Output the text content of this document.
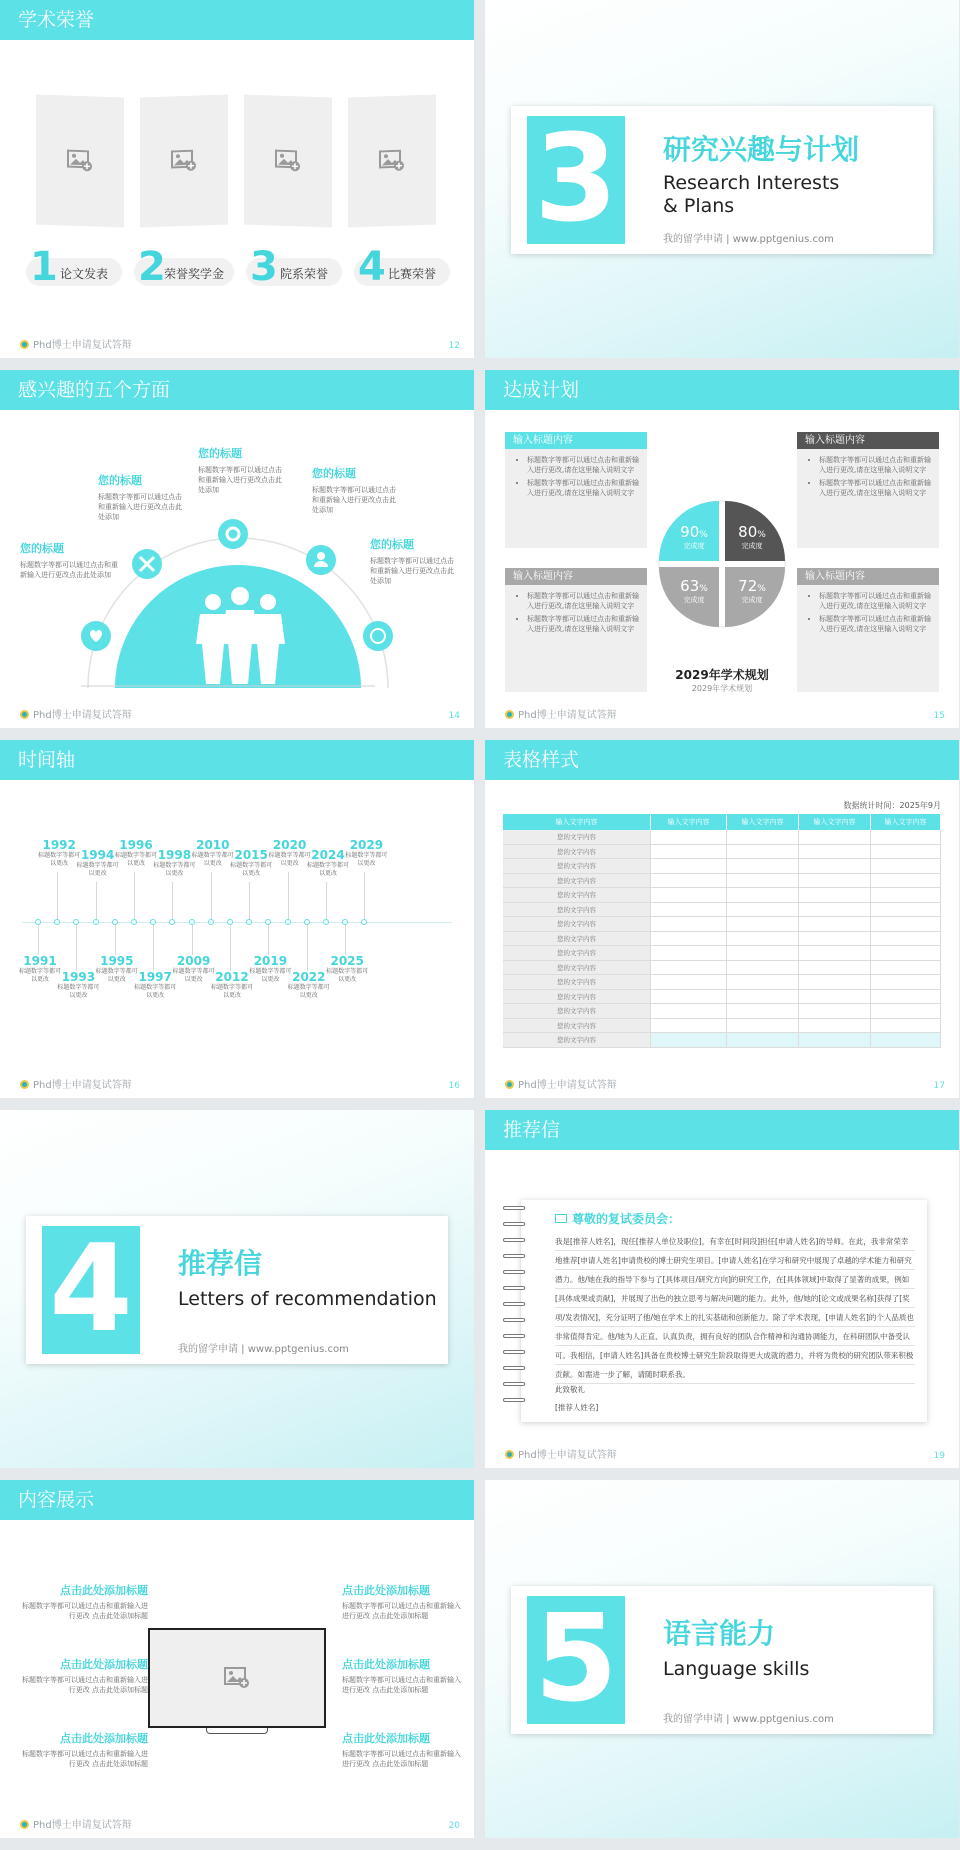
学术荣誉
1 论文发表 2
荣誉奖学金 3 院系荣誉 4 比赛荣誉
Phd博士申请复试答辩	12
3 研究兴趣与计划
Research Interests
& Plans
我的留学申请 | www.pptgenius.com
感兴趣的五个方面
您的标题
标题数字等都可以通过点击和重新输入进行更改点击此处添加
您的标题
标题数字等都可以通过点击和重新输入进行更改点击此处添加
您的标题
标题数字等都可以通过点击和重新输入进行更改点击此处添加
您的标题
标题数字等都可以通过点击和重新输入进行更改点击此处添加
您的标题
标题数字等都可以通过点击和重新输入进行更改点击此处添加
Phd博士申请复试答辩	14
达成计划
输入标题内容
• 标题数字等都可以通过点击和重新输入进行更改,请在这里输入说明文字
• 标题数字等都可以通过点击和重新输入进行更改,请在这里输入说明文字
输入标题内容
• 标题数字等都可以通过点击和重新输入进行更改,请在这里输入说明文字
• 标题数字等都可以通过点击和重新输入进行更改,请在这里输入说明文字
输入标题内容
• 标题数字等都可以通过点击和重新输入进行更改,请在这里输入说明文字
• 标题数字等都可以通过点击和重新输入进行更改,请在这里输入说明文字
输入标题内容
• 标题数字等都可以通过点击和重新输入进行更改,请在这里输入说明文字
• 标题数字等都可以通过点击和重新输入进行更改,请在这里输入说明文字
90%
完成度
80%
完成度
63%
完成度
72%
完成度
2029年学术规划
2029年学术规划
Phd博士申请复试答辩	15
时间轴
1991
标题数字等都可以更改
1992
标题数字等都可以更改
1993
标题数字等都可以更改
1994
标题数字等都可以更改
1995
标题数字等都可以更改
1996
标题数字等都可以更改
1997
标题数字等都可以更改
1998
标题数字等都可以更改
2009
标题数字等都可以更改
2010
标题数字等都可以更改
2012
标题数字等都可以更改
2015
标题数字等都可以更改
2019
标题数字等都可以更改
2020
标题数字等都可以更改
2022
标题数字等都可以更改
2024
标题数字等都可以更改
2025
标题数字等都可以更改
2029
标题数字等都可以更改
Phd博士申请复试答辩	16
表格样式
数据统计时间：2025年9月
输入文字内容	输入文字内容	输入文字内容	输入文字内容	输入文字内容
您的文字内容
您的文字内容
您的文字内容
您的文字内容
您的文字内容
您的文字内容
您的文字内容
您的文字内容
您的文字内容
您的文字内容
您的文字内容
您的文字内容
您的文字内容
您的文字内容
您的文字内容
Phd博士申请复试答辩	17
4 推荐信
Letters of recommendation
我的留学申请 | www.pptgenius.com
推荐信
尊敬的复试委员会：
我是[推荐人姓名]，现任[推荐人单位及职位]，有幸在[时间段]担任[申请人姓名]的导师。在此，我非常荣幸地推荐[申请人姓名]申请贵校的博士研究生项目。[申请人姓名]在学习和研究中展现了卓越的学术能力和研究潜力。他/她在我的指导下参与了[具体项目/研究方向]的研究工作，在[具体领域]中取得了显著的成果，例如[具体成果或贡献]，并展现了出色的独立思考与解决问题的能力。此外，他/她的[论文或成果名称]获得了[奖项/发表情况]，充分证明了他/她在学术上的扎实基础和创新能力。除了学术表现，[申请人姓名]的个人品质也非常值得肯定。他/她为人正直、认真负责，拥有良好的团队合作精神和沟通协调能力，在科研团队中备受认可。我相信，[申请人姓名]具备在贵校博士研究生阶段取得更大成就的潜力，并将为贵校的研究团队带来积极贡献。如需进一步了解，请随时联系我。
此致敬礼
[推荐人姓名]
Phd博士申请复试答辩	19
内容展示
点击此处添加标题
标题数字等都可以通过点击和重新输入进行更改 点击此处添加标题
点击此处添加标题
标题数字等都可以通过点击和重新输入进行更改 点击此处添加标题
点击此处添加标题
标题数字等都可以通过点击和重新输入进行更改 点击此处添加标题
点击此处添加标题
标题数字等都可以通过点击和重新输入进行更改 点击此处添加标题
点击此处添加标题
标题数字等都可以通过点击和重新输入进行更改 点击此处添加标题
点击此处添加标题
标题数字等都可以通过点击和重新输入进行更改 点击此处添加标题
Phd博士申请复试答辩	20
5 语言能力
Language skills
我的留学申请 | www.pptgenius.com
